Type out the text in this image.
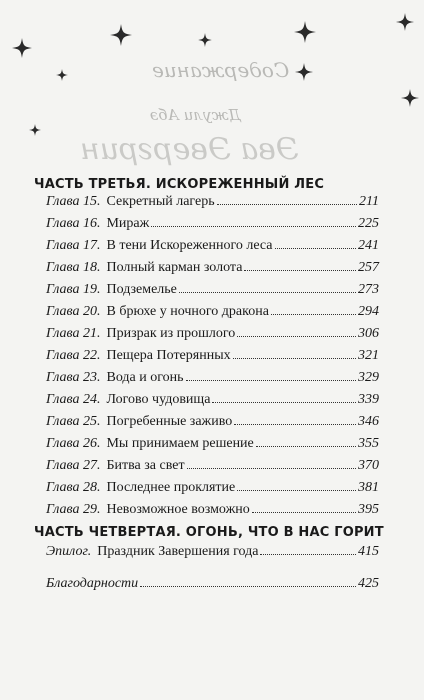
Содержание
Джули Абэ
Эва Эвергрин
ЧАСТЬ ТРЕТЬЯ. ИСКОРЕЖЕННЫЙ ЛЕС
Глава 15. Секретный лагерь	211
Глава 16. Мираж	225
Глава 17. В тени Искореженного леса	241
Глава 18. Полный карман золота	257
Глава 19. Подземелье	273
Глава 20. В брюхе у ночного дракона	294
Глава 21. Призрак из прошлого	306
Глава 22. Пещера Потерянных	321
Глава 23. Вода и огонь	329
Глава 24. Логово чудовища	339
Глава 25. Погребенные заживо	346
Глава 26. Мы принимаем решение	355
Глава 27. Битва за свет	370
Глава 28. Последнее проклятие	381
Глава 29. Невозможное возможно	395
ЧАСТЬ ЧЕТВЕРТАЯ. ОГОНЬ, ЧТО В НАС ГОРИТ
Эпилог. Праздник Завершения года	415
Благодарности	425
